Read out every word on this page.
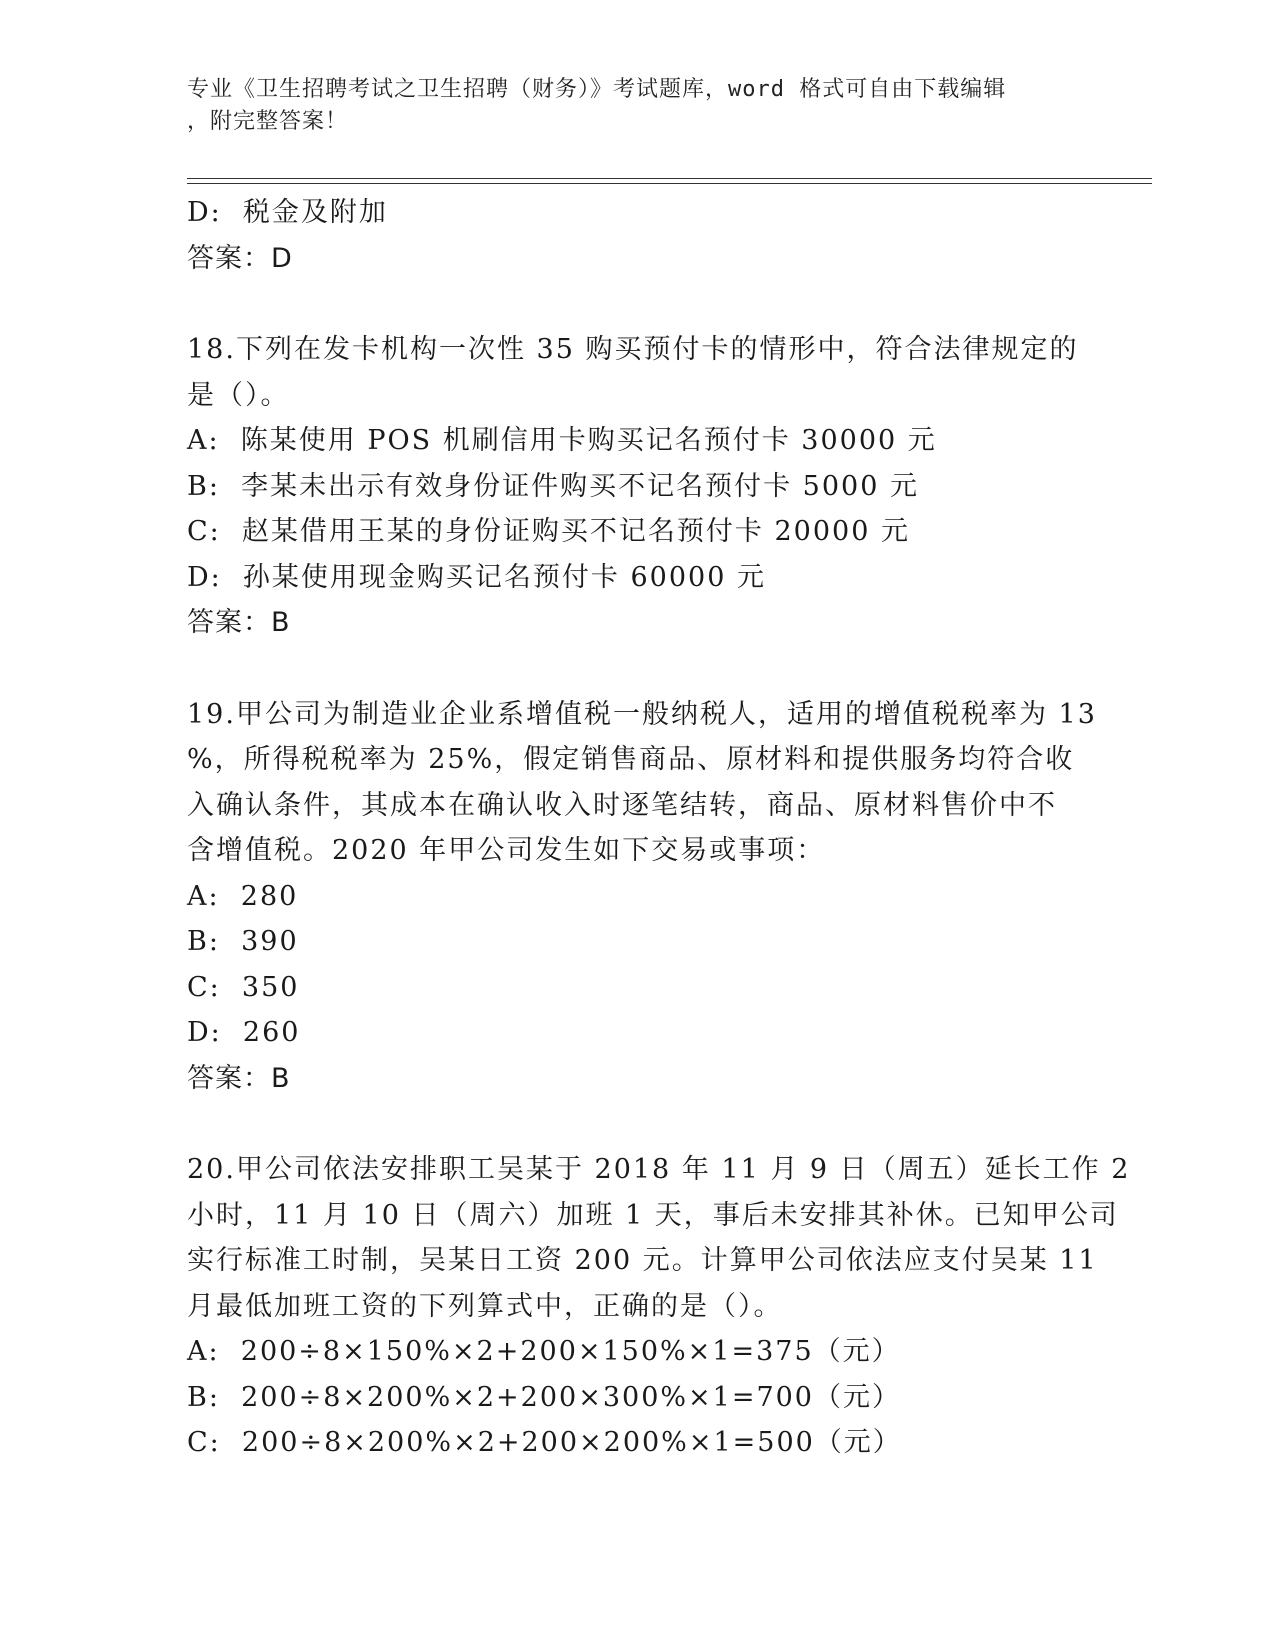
专业《卫生招聘考试之卫生招聘（财务）》考试题库，word 格式可自由下载编辑

，附完整答案！

D:  税金及附加
答案：D
18.下列在发卡机构一次性 35 购买预付卡的情形中，符合法律规定的
是（）。
A:  陈某使用 POS 机刷信用卡购买记名预付卡 30000 元
B:  李某未出示有效身份证件购买不记名预付卡 5000 元
C:  赵某借用王某的身份证购买不记名预付卡 20000 元
D:  孙某使用现金购买记名预付卡 60000 元
答案：B
19.甲公司为制造业企业系增值税一般纳税人，适用的增值税税率为 13
%，所得税税率为 25%，假定销售商品、原材料和提供服务均符合收
入确认条件，其成本在确认收入时逐笔结转，商品、原材料售价中不
含增值税。2020 年甲公司发生如下交易或事项：
A:  280
B:  390
C:  350
D:  260
答案：B
20.甲公司依法安排职工吴某于 2018 年 11 月 9 日（周五）延长工作 2
小时，11 月 10 日（周六）加班 1 天，事后未安排其补休。已知甲公司
实行标准工时制，吴某日工资 200 元。计算甲公司依法应支付吴某 11
月最低加班工资的下列算式中，正确的是（）。
A:  200÷8×150%×2+200×150%×1=375（元）
B:  200÷8×200%×2+200×300%×1=700（元）
C:  200÷8×200%×2+200×200%×1=500（元）
